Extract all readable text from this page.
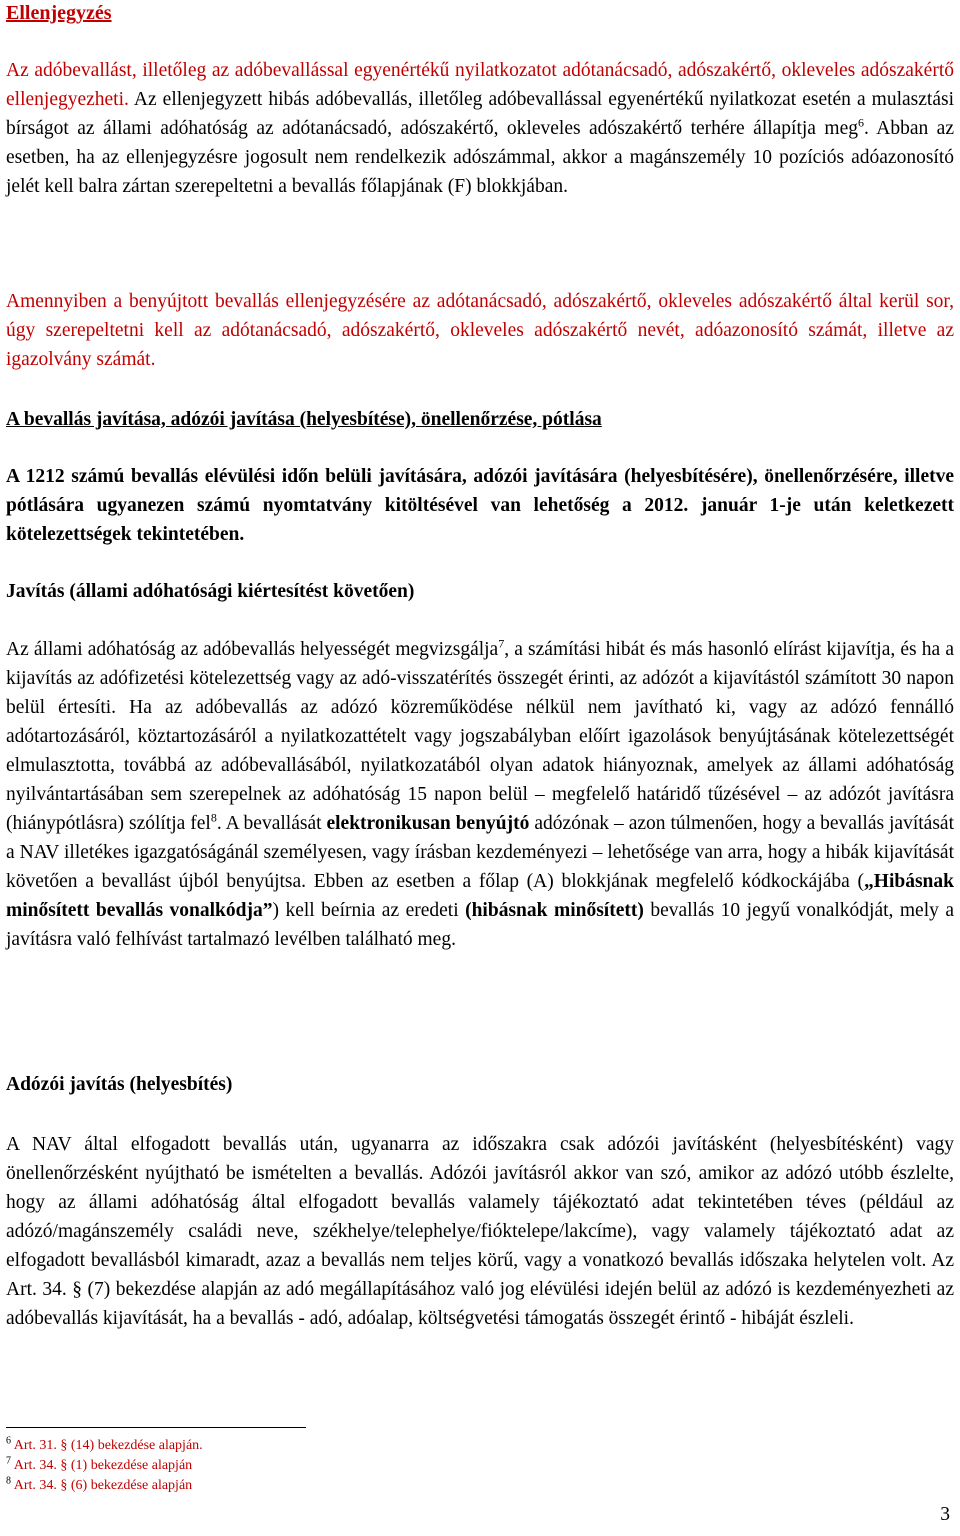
Ellenjegyzés

Az adóbevallást, illetőleg az adóbevallással egyenértékű nyilatkozatot adótanácsadó, adószakértő, okleveles adószakértő ellenjegyezheti. Az ellenjegyzett hibás adóbevallás, illetőleg adóbevallással egyenértékű nyilatkozat esetén a mulasztási bírságot az állami adóhatóság az adótanácsadó, adószakértő, okleveles adószakértő terhére állapítja meg$^6$. Abban az esetben, ha az ellenjegyzésre jogosult nem rendelkezik adószámmal, akkor a magánszemély 10 pozíciós adóazonosító jelét kell balra zártan szerepeltetni a bevallás főlapjának (F) blokkjában.

Amennyiben a benyújtott bevallás ellenjegyzésére az adótanácsadó, adószakértő, okleveles adószakértő által kerül sor, úgy szerepeltetni kell az adótanácsadó, adószakértő, okleveles adószakértő nevét, adóazonosító számát, illetve az igazolvány számát.

A bevallás javítása, adózói javítása (helyesbítése), önellenőrzése, pótlása

A 1212 számú bevallás elévülési időn belüli javítására, adózói javítására (helyesbítésére), önellenőrzésére, illetve pótlására ugyanezen számú nyomtatvány kitöltésével van lehetőség a 2012. január 1-je után keletkezett kötelezettségek tekintetében.

Javítás (állami adóhatósági kiértesítést követően)

Az állami adóhatóság az adóbevallás helyességét megvizsgálja$^7$, a számítási hibát és más hasonló elírást kijavítja, és ha a kijavítás az adófizetési kötelezettség vagy az adó-visszatérítés összegét érinti, az adózót a kijavítástól számított 30 napon belül értesíti. Ha az adóbevallás az adózó közreműködése nélkül nem javítható ki, vagy az adózó fennálló adótartozásáról, köztartozásáról a nyilatkozattételt vagy jogszabályban előírt igazolások benyújtásának kötelezettségét elmulasztotta, továbbá az adóbevallásából, nyilatkozatából olyan adatok hiányoznak, amelyek az állami adóhatóság nyilvántartásában sem szerepelnek az adóhatóság 15 napon belül – megfelelő határidő tűzésével – az adózót javításra (hiánypótlásra) szólítja fel$^8$. A bevallását elektronikusan benyújtó adózónak – azon túlmenően, hogy a bevallás javítását a NAV illetékes igazgatóságánál személyesen, vagy írásban kezdeményezi – lehetősége van arra, hogy a hibák kijavítását követően a bevallást újból benyújtsa. Ebben az esetben a főlap (A) blokkjának megfelelő kódkockájába („Hibásnak minősített bevallás vonalkódja”) kell beírnia az eredeti (hibásnak minősített) bevallás 10 jegyű vonalkódját, mely a javításra való felhívást tartalmazó levélben található meg.

Adózói javítás (helyesbítés)

A NAV által elfogadott bevallás után, ugyanarra az időszakra csak adózói javításként (helyesbítésként) vagy önellenőrzésként nyújtható be ismételten a bevallás. Adózói javításról akkor van szó, amikor az adózó utóbb észlelte, hogy az állami adóhatóság által elfogadott bevallás valamely tájékoztató adat tekintetében téves (például az adózó/magánszemély családi neve, székhelye/telephelye/fióktelepe/lakcíme), vagy valamely tájékoztató adat az elfogadott bevallásból kimaradt, azaz a bevallás nem teljes körű, vagy a vonatkozó bevallás időszaka helytelen volt. Az Art. 34. § (7) bekezdése alapján az adó megállapításához való jog elévülési idején belül az adózó is kezdeményezheti az adóbevallás kijavítását, ha a bevallás - adó, adóalap, költségvetési támogatás összegét érintő - hibáját észleli.

$^6$ Art. 31. § (14) bekezdése alapján.
$^7$ Art. 34. § (1) bekezdése alapján
$^8$ Art. 34. § (6) bekezdése alapján
3
